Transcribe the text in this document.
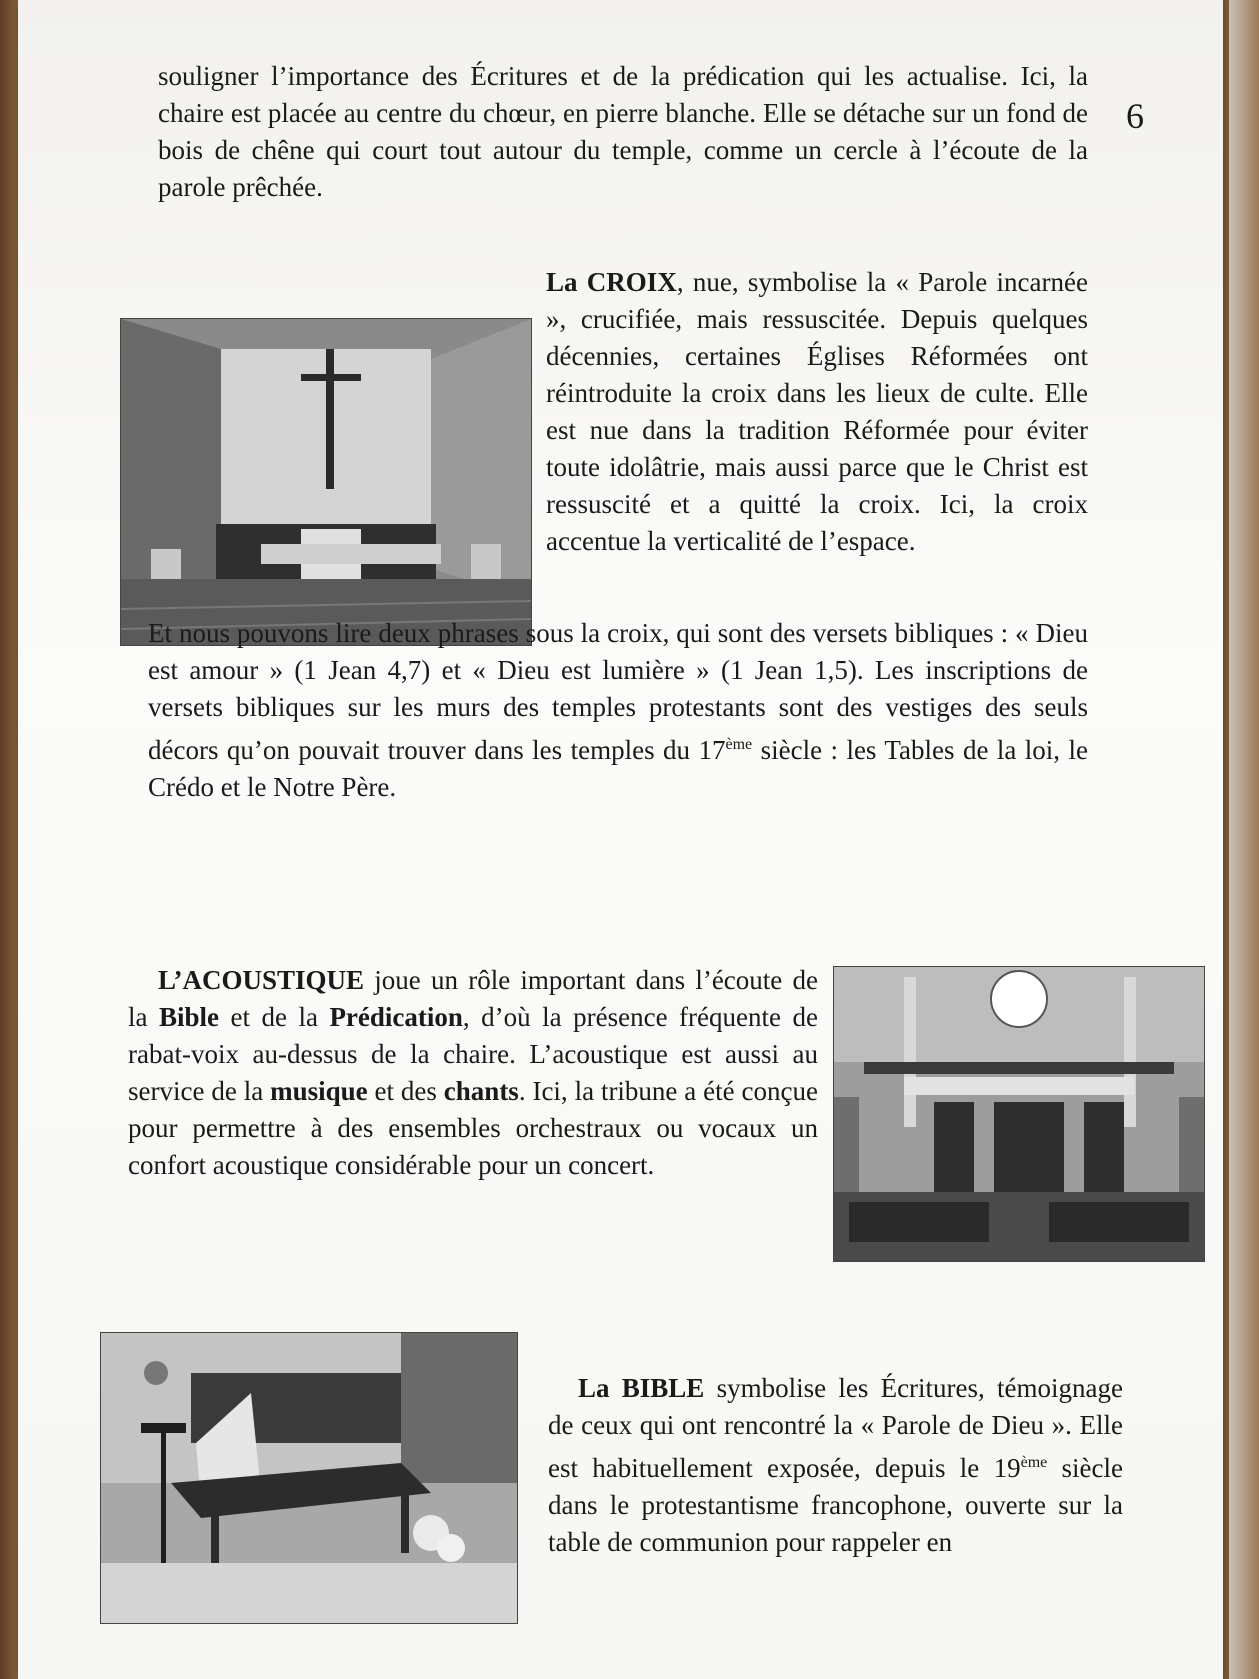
6

souligner l’importance des Écritures et de la prédication qui les actualise. Ici, la chaire est placée au centre du chœur, en pierre blanche. Elle se détache sur un fond de bois de chêne qui court tout autour du temple, comme un cercle à l’écoute de la parole prêchée.

La CROIX, nue, symbolise la « Parole incarnée », crucifiée, mais ressuscitée. Depuis quelques décennies, certaines Églises Réformées ont réintroduite la croix dans les lieux de culte. Elle est nue dans la tradition Réformée pour éviter toute idolâtrie, mais aussi parce que le Christ est ressuscité et a quitté la croix. Ici, la croix accentue la verticalité de l’espace.

Et nous pouvons lire deux phrases sous la croix, qui sont des versets bibliques : « Dieu est amour » (1 Jean 4,7) et « Dieu est lumière » (1 Jean 1,5). Les inscriptions de versets bibliques sur les murs des temples protestants sont des vestiges des seuls décors qu’on pouvait trouver dans les temples du 17ème siècle : les Tables de la loi, le Crédo et le Notre Père.

L’ACOUSTIQUE joue un rôle important dans l’écoute de la Bible et de la Prédication, d’où la présence fréquente de rabat-voix au-dessus de la chaire. L’acoustique est aussi au service de la musique et des chants. Ici, la tribune a été conçue pour permettre à des ensembles orchestraux ou vocaux un confort acoustique considérable pour un concert.

La BIBLE symbolise les Écritures, témoignage de ceux qui ont rencontré la « Parole de Dieu ». Elle est habituellement exposée, depuis le 19ème siècle dans le protestantisme francophone, ouverte sur la table de communion pour rappeler en
